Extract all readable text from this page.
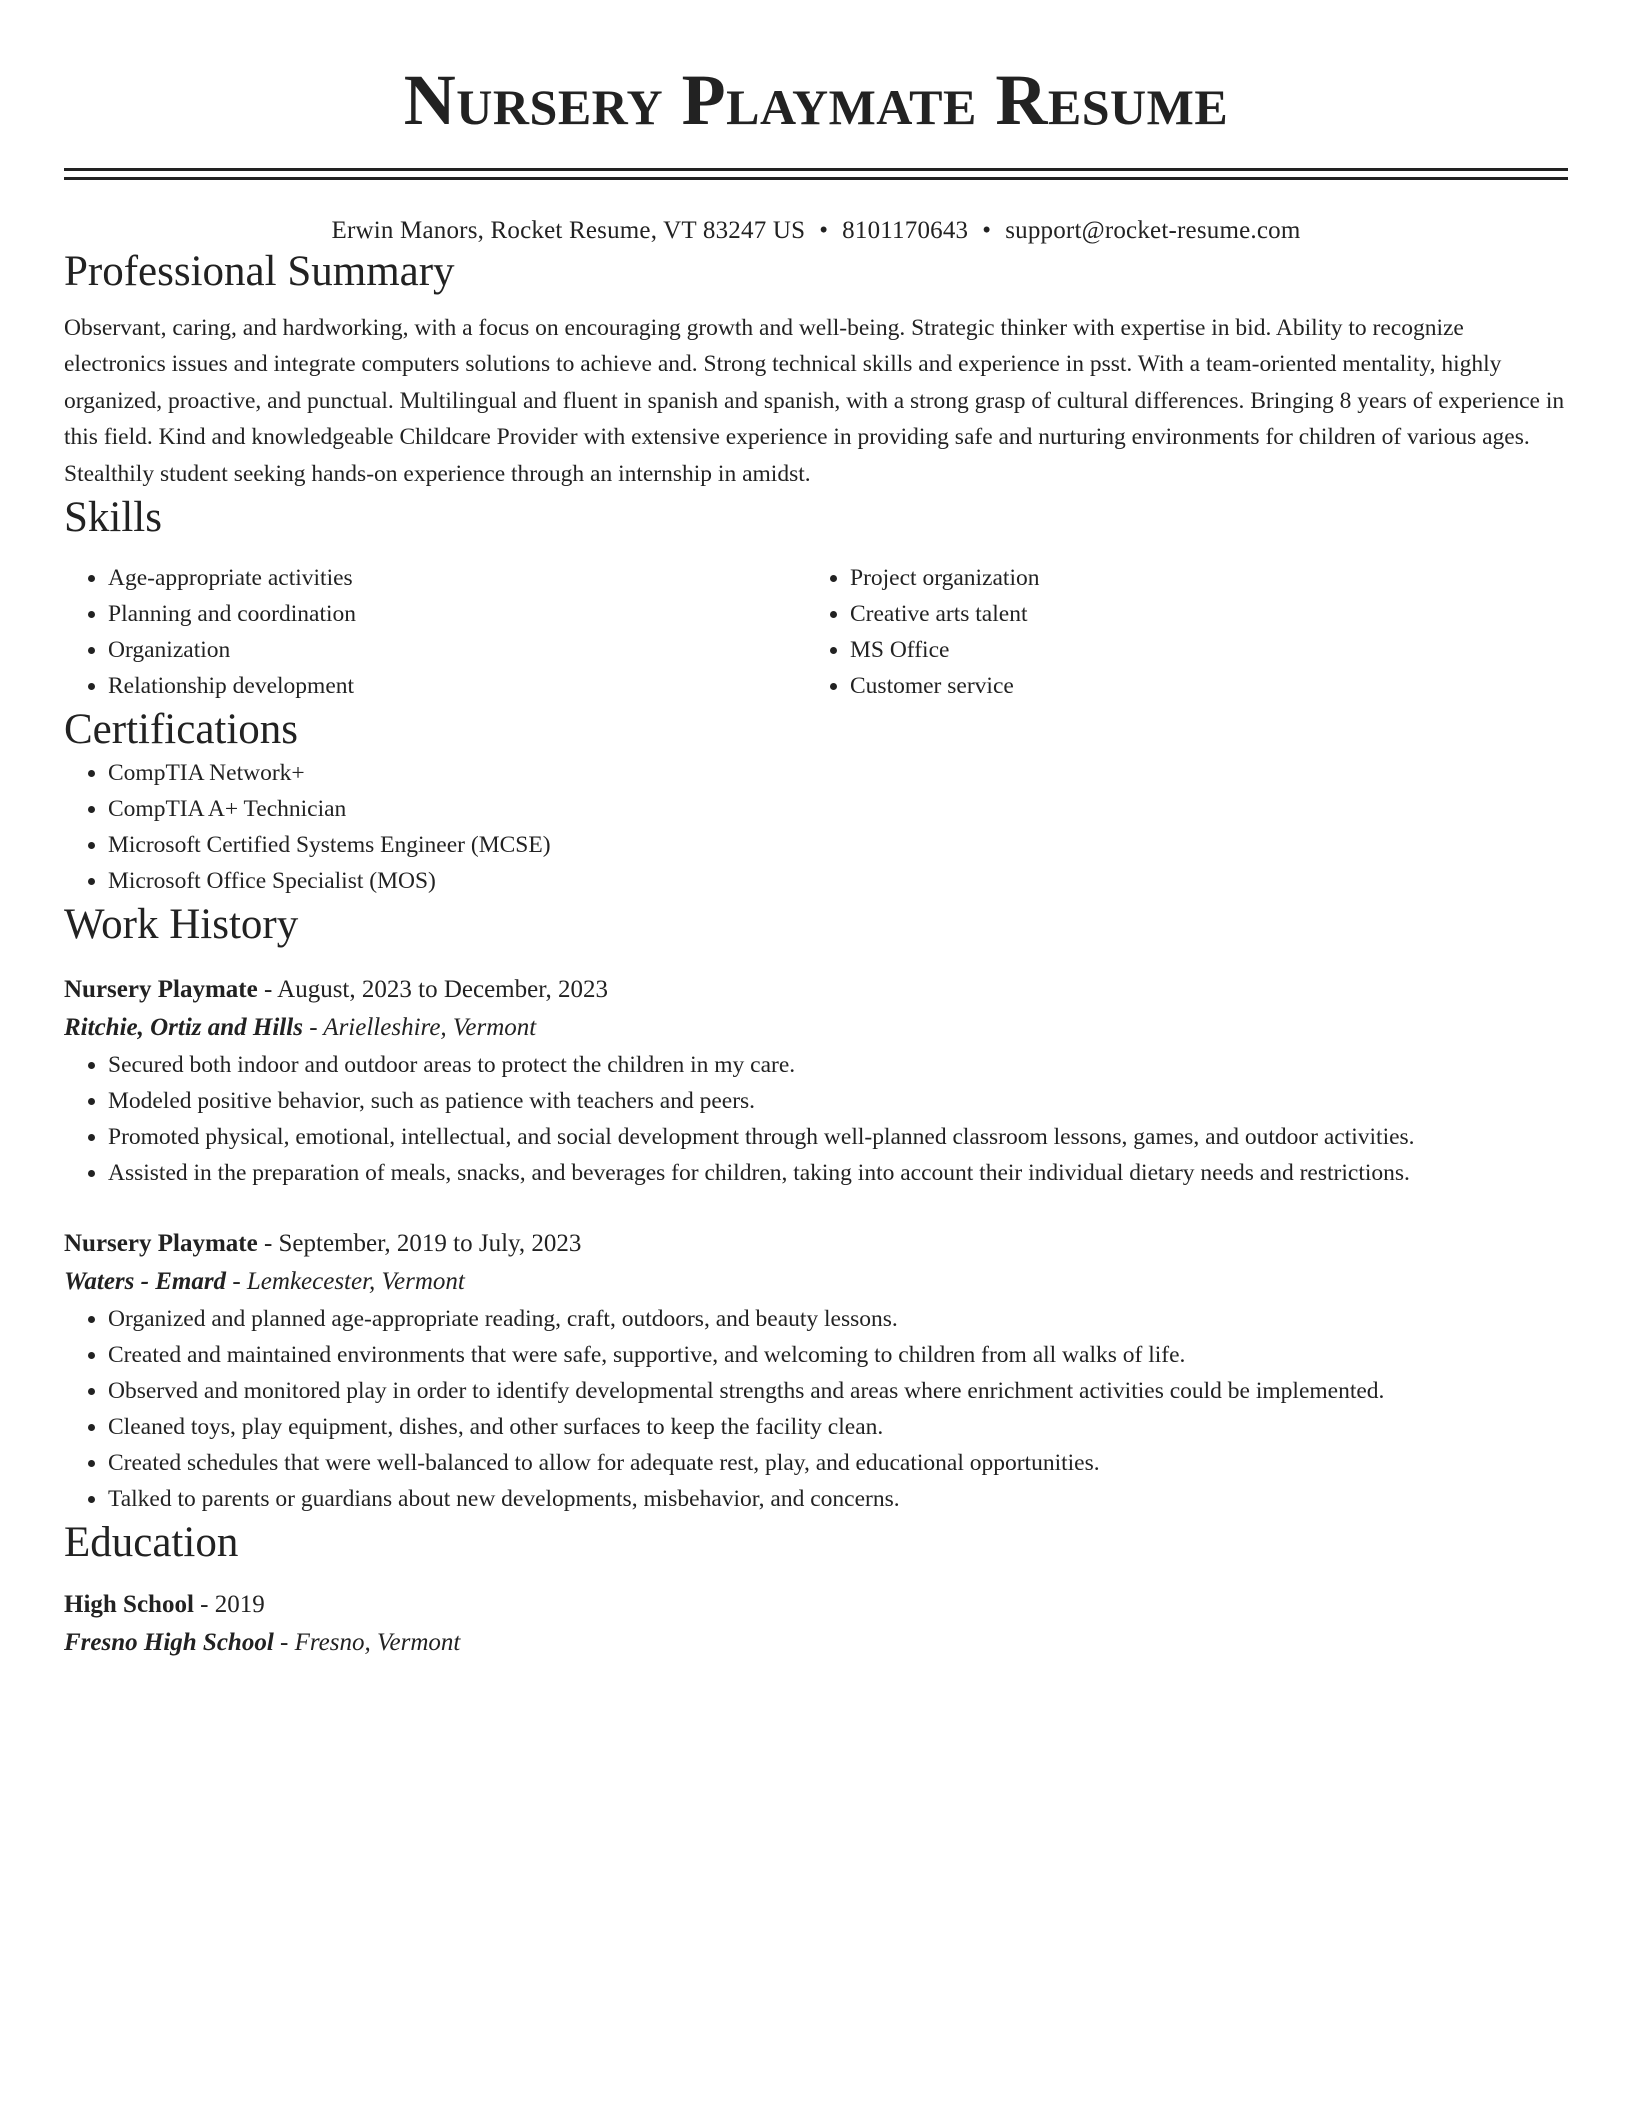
Nursery Playmate Resume
Erwin Manors, Rocket Resume, VT 83247 US • 8101170643 • support@rocket-resume.com
Professional Summary

Observant, caring, and hardworking, with a focus on encouraging growth and well-being. Strategic thinker with expertise in bid. Ability to recognize electronics issues and integrate computers solutions to achieve and. Strong technical skills and experience in psst. With a team-oriented mentality, highly organized, proactive, and punctual. Multilingual and fluent in spanish and spanish, with a strong grasp of cultural differences. Bringing 8 years of experience in this field. Kind and knowledgeable Childcare Provider with extensive experience in providing safe and nurturing environments for children of various ages. Stealthily student seeking hands-on experience through an internship in amidst.

Skills
• Age-appropriate activities
• Planning and coordination
• Organization
• Relationship development
• Project organization
• Creative arts talent
• MS Office
• Customer service
Certifications
• CompTIA Network+
• CompTIA A+ Technician
• Microsoft Certified Systems Engineer (MCSE)
• Microsoft Office Specialist (MOS)
Work History
Nursery Playmate - August, 2023 to December, 2023
Ritchie, Ortiz and Hills - Arielleshire, Vermont
• Secured both indoor and outdoor areas to protect the children in my care.
• Modeled positive behavior, such as patience with teachers and peers.
• Promoted physical, emotional, intellectual, and social development through well-planned classroom lessons, games, and outdoor activities.
• Assisted in the preparation of meals, snacks, and beverages for children, taking into account their individual dietary needs and restrictions.
Nursery Playmate - September, 2019 to July, 2023
Waters - Emard - Lemkecester, Vermont
• Organized and planned age-appropriate reading, craft, outdoors, and beauty lessons.
• Created and maintained environments that were safe, supportive, and welcoming to children from all walks of life.
• Observed and monitored play in order to identify developmental strengths and areas where enrichment activities could be implemented.
• Cleaned toys, play equipment, dishes, and other surfaces to keep the facility clean.
• Created schedules that were well-balanced to allow for adequate rest, play, and educational opportunities.
• Talked to parents or guardians about new developments, misbehavior, and concerns.
Education
High School - 2019
Fresno High School - Fresno, Vermont
